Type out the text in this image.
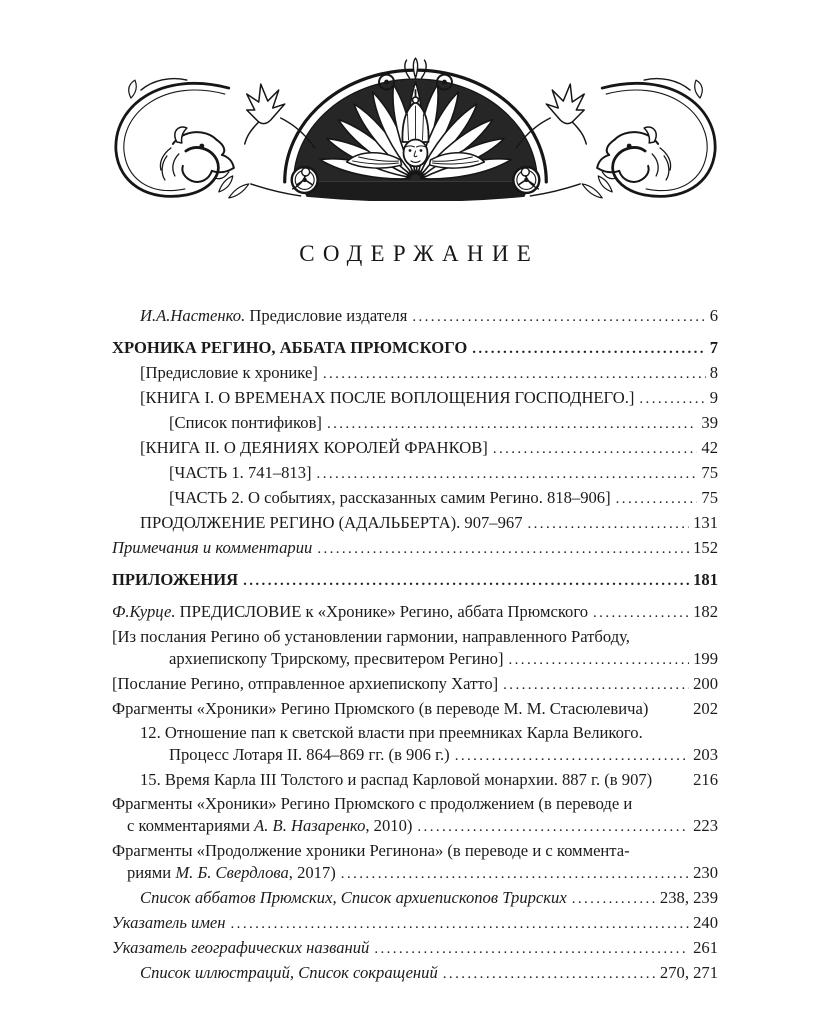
СОДЕРЖАНИЕ
И.А.Настенко. Предисловие издателя .....	6
ХРОНИКА РЕГИНО, АББАТА ПРЮМСКОГО .....	7
[Предисловие к хронике] .....	8
[КНИГА I. О ВРЕМЕНАХ ПОСЛЕ ВОПЛОЩЕНИЯ ГОСПОДНЕГО.] .....	9
[Список понтификов] .....	39
[КНИГА II. О ДЕЯНИЯХ КОРОЛЕЙ ФРАНКОВ] .....	42
[ЧАСТЬ 1. 741–813] .....	75
[ЧАСТЬ 2. О событиях, рассказанных самим Регино. 818–906] .....	75
ПРОДОЛЖЕНИЕ РЕГИНО (АДАЛЬБЕРТА). 907–967 .....	131
Примечания и комментарии .....	152
ПРИЛОЖЕНИЯ .....	181
Ф.Курце. ПРЕДИСЛОВИЕ к «Хронике» Регино, аббата Прюмского .....	182
[Из послания Регино об установлении гармонии, направленного Ратбоду,
архиепископу Трирскому, пресвитером Регино] .....	199
[Послание Регино, отправленное архиепископу Хатто] .....	200
Фрагменты «Хроники» Регино Прюмского (в переводе М. М. Стасюлевича)	202
12. Отношение пап к светской власти при преемниках Карла Великого.
Процесс Лотаря II. 864–869 гг. (в 906 г.) .....	203
15. Время Карла III Толстого и распад Карловой монархии. 887 г. (в 907) 216
Фрагменты «Хроники» Регино Прюмского с продолжением (в переводе и
с комментариями А. В. Назаренко, 2010) .....	223
Фрагменты «Продолжение хроники Регинона» (в переводе и с коммента-
риями М. Б. Свердлова, 2017) .....	230
Список аббатов Прюмских, Список архиепископов Трирских .....	238, 239
Указатель имен .....	240
Указатель географических названий .....	261
Список иллюстраций, Список сокращений .....	270, 271
